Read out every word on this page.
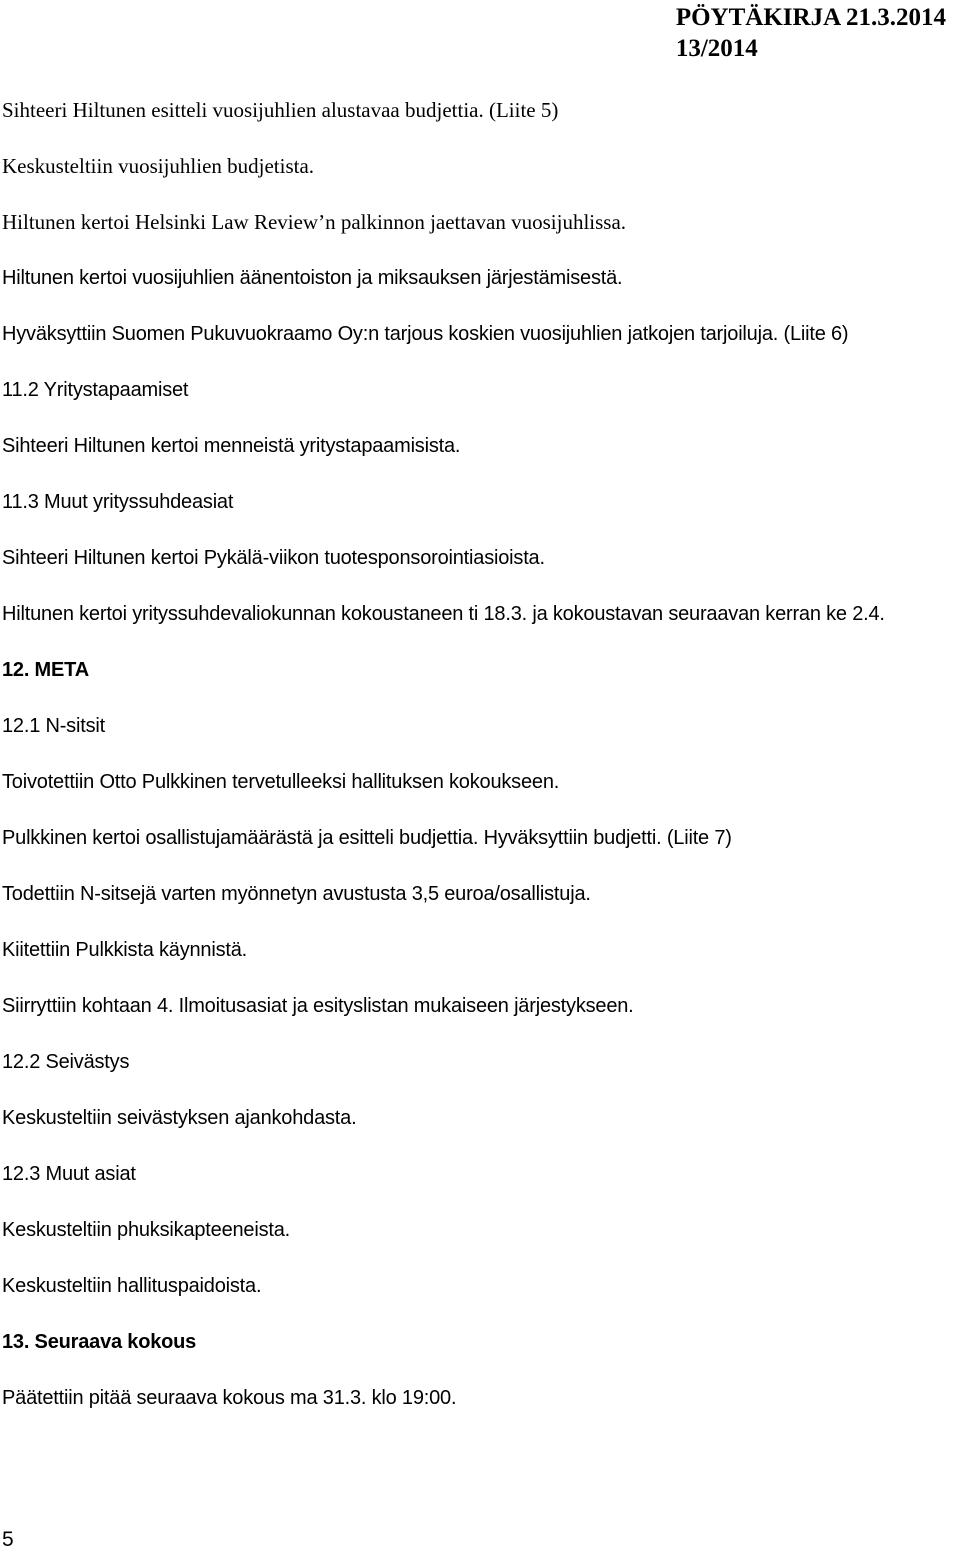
PÖYTÄKIRJA 21.3.2014
13/2014

Sihteeri Hiltunen esitteli vuosijuhlien alustavaa budjettia. (Liite 5)

Keskusteltiin vuosijuhlien budjetista.

Hiltunen kertoi Helsinki Law Review’n palkinnon jaettavan vuosijuhlissa.

Hiltunen kertoi vuosijuhlien äänentoiston ja miksauksen järjestämisestä.

Hyväksyttiin Suomen Pukuvuokraamo Oy:n tarjous koskien vuosijuhlien jatkojen tarjoiluja. (Liite 6)

11.2 Yritystapaamiset

Sihteeri Hiltunen kertoi menneistä yritystapaamisista.

11.3 Muut yrityssuhdeasiat

Sihteeri Hiltunen kertoi Pykälä-viikon tuotesponsorointiasioista.

Hiltunen kertoi yrityssuhdevaliokunnan kokoustaneen ti 18.3. ja kokoustavan seuraavan kerran ke 2.4.

12. META

12.1 N-sitsit

Toivotettiin Otto Pulkkinen tervetulleeksi hallituksen kokoukseen.

Pulkkinen kertoi osallistujamäärästä ja esitteli budjettia. Hyväksyttiin budjetti. (Liite 7)

Todettiin N-sitsejä varten myönnetyn avustusta 3,5 euroa/osallistuja.

Kiitettiin Pulkkista käynnistä.

Siirryttiin kohtaan 4. Ilmoitusasiat ja esityslistan mukaiseen järjestykseen.

12.2 Seivästys

Keskusteltiin seivästyksen ajankohdasta.

12.3 Muut asiat

Keskusteltiin phuksikapteeneista.

Keskusteltiin hallituspaidoista.

13. Seuraava kokous

Päätettiin pitää seuraava kokous ma 31.3. klo 19:00.

5
